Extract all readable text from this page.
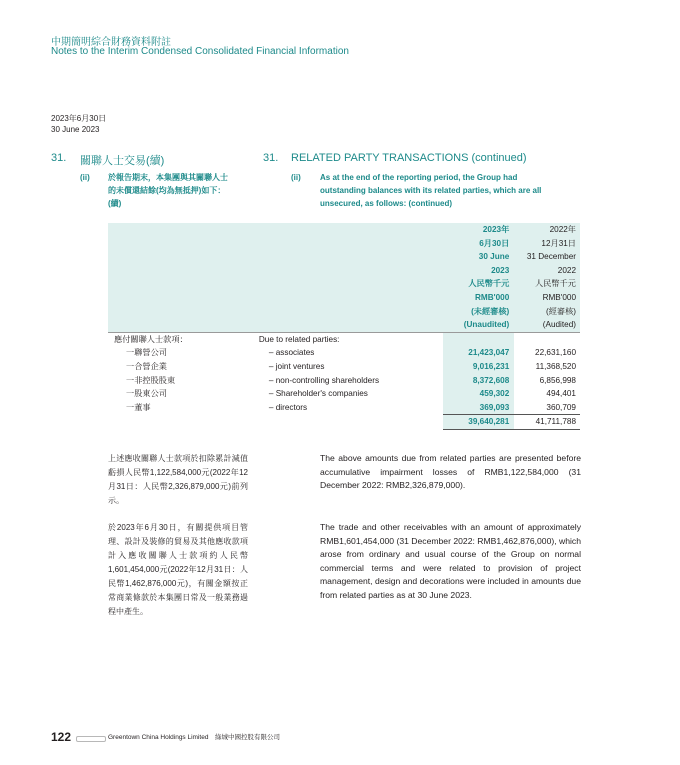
中期簡明綜合財務資料附註
Notes to the Interim Condensed Consolidated Financial Information
2023年6月30日
30 June 2023
31. 關聯人士交易(續)	31. RELATED PARTY TRANSACTIONS (continued)
(ii) 於報告期末，本集團與其關聯人士
的未償還結餘(均為無抵押)如下：
(續)
(ii) As at the end of the reporting period, the Group had
outstanding balances with its related parties, which are all
unsecured, as follows: (continued)
		2023年	2022年
		6月30日	12月31日
		30 June	31 December
		2023	2022
		人民幣千元	人民幣千元
		RMB'000	RMB'000
		(未經審核)	(經審核)
		(Unaudited)	(Audited)
應付關聯人士款項：	Due to related parties:		
一聯營公司	– associates	21,423,047	22,631,160
一合營企業	– joint ventures	9,016,231	11,368,520
一非控股股東	– non-controlling shareholders	8,372,608	6,856,998
一股東公司	– Shareholder's companies	459,302	494,401
一董事	– directors	369,093	360,709
		39,640,281	41,711,788
上述應收關聯人士款項於扣除累計減值虧損人民幣1,122,584,000元(2022年12月31日：人民幣2,326,879,000元)前列示。
The above amounts due from related parties are presented before accumulative impairment losses of RMB1,122,584,000 (31 December 2022: RMB2,326,879,000).
於2023年6月30日，有關提供項目管理、設計及裝修的貿易及其他應收款項計入應收關聯人士款項約人民幣1,601,454,000元(2022年12月31日：人民幣1,462,876,000元)，有關金額按正常商業條款於本集團日常及一般業務過程中產生。
The trade and other receivables with an amount of approximately RMB1,601,454,000 (31 December 2022: RMB1,462,876,000), which arose from ordinary and usual course of the Group on normal commercial terms and were related to provision of project management, design and decorations were included in amounts due from related parties as at 30 June 2023.
122	Greentown China Holdings Limited　綠城中國控股有限公司
